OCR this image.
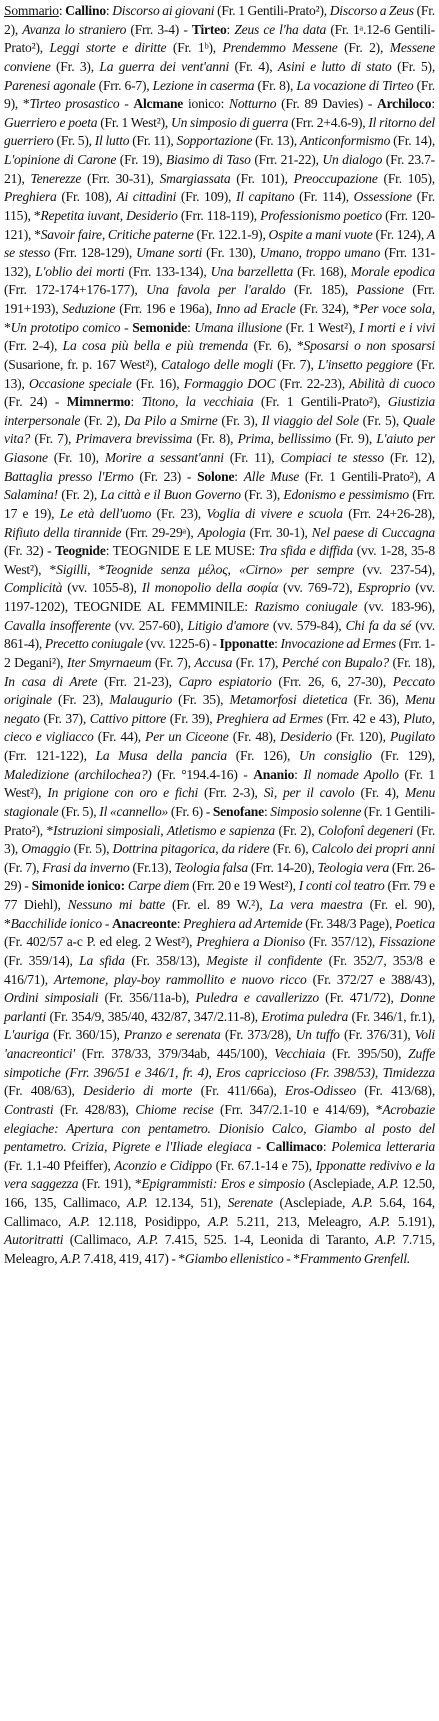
Sommario: Callino: Discorso ai giovani (Fr. 1 Gentili-Prato²), Discorso a Zeus (Fr. 2), Avanza lo straniero (Frr. 3-4) - Tirteo: Zeus ce l'ha data (Fr. 1ᵃ.12-6 Gentili-Prato²), Leggi storte e diritte (Fr. 1ᵇ), Prendemmo Messene (Fr. 2), Messene conviene (Fr. 3), La guerra dei vent'anni (Fr. 4), Asini e lutto di stato (Fr. 5), Parenesi agonale (Frr. 6-7), Lezione in caserma (Fr. 8), La vocazione di Tirteo (Fr. 9), *Tirteo prosastico - Alcmane ionico: Notturno (Fr. 89 Davies) - Archiloco: Guerriero e poeta (Fr. 1 West²), Un simposio di guerra (Frr. 2+4.6-9), Il ritorno del guerriero (Fr. 5), Il lutto (Fr. 11), Sopportazione (Fr. 13), Anticonformismo (Fr. 14), L'opinione di Carone (Fr. 19), Biasimo di Taso (Frr. 21-22), Un dialogo (Fr. 23.7-21), Tenerezze (Frr. 30-31), Smargiassata (Fr. 101), Preoccupazione (Fr. 105), Preghiera (Fr. 108), Ai cittadini (Fr. 109), Il capitano (Fr. 114), Ossessione (Fr. 115), *Repetita iuvant, Desiderio (Frr. 118-119), Professionismo poetico (Frr. 120-121), *Savoir faire, Critiche paterne (Fr. 122.1-9), Ospite a mani vuote (Fr. 124), A se stesso (Frr. 128-129), Umane sorti (Fr. 130), Umano, troppo umano (Frr. 131-132), L'oblio dei morti (Frr. 133-134), Una barzelletta (Fr. 168), Morale epodica (Frr. 172-174+176-177), Una favola per l'araldo (Fr. 185), Passione (Frr. 191+193), Seduzione (Frr. 196 e 196a), Inno ad Eracle (Fr. 324), *Per voce sola, *Un prototipo comico - Semonide: Umana illusione (Fr. 1 West²), I morti e i vivi (Frr. 2-4), La cosa più bella e più tremenda (Fr. 6), *Sposarsi o non sposarsi (Susarione, fr. p. 167 West²), Catalogo delle mogli (Fr. 7), L'insetto peggiore (Fr. 13), Occasione speciale (Fr. 16), Formaggio DOC (Frr. 22-23), Abilità di cuoco (Fr. 24) - Mimnermo: Titono, la vecchiaia (Fr. 1 Gentili-Prato²), Giustizia interpersonale (Fr. 2), Da Pilo a Smirne (Fr. 3), Il viaggio del Sole (Fr. 5), Quale vita? (Fr. 7), Primavera brevissima (Fr. 8), Prima, bellissimo (Fr. 9), L'aiuto per Giasone (Fr. 10), Morire a sessant'anni (Fr. 11), Compiaci te stesso (Fr. 12), Battaglia presso l'Ermo (Fr. 23) - Solone: Alle Muse (Fr. 1 Gentili-Prato²), A Salamina! (Fr. 2), La città e il Buon Governo (Fr. 3), Edonismo e pessimismo (Frr. 17 e 19), Le età dell'uomo (Fr. 23), Voglia di vivere e scuola (Frr. 24+26-28), Rifiuto della tirannide (Frr. 29-29ᵃ), Apologia (Frr. 30-1), Nel paese di Cuccagna (Fr. 32) - Teognide: TEOGNIDE E LE MUSE: Tra sfida e diffida (vv. 1-28, 35-8 West²), *Sigilli, *Teognide senza μέλος, «Cirno» per sempre (vv. 237-54), Complicità (vv. 1055-8), Il monopolio della σοφία (vv. 769-72), Esproprio (vv. 1197-1202), TEOGNIDE AL FEMMINILE: Razismo coniugale (vv. 183-96), Cavalla insofferente (vv. 257-60), Litigio d'amore (vv. 579-84), Chi fa da sé (vv. 861-4), Precetto coniugale (vv. 1225-6) - Ipponatte: Invocazione ad Ermes (Frr. 1-2 Degani²), Iter Smyrnaeum (Fr. 7), Accusa (Fr. 17), Perché con Bupalo? (Fr. 18), In casa di Arete (Frr. 21-23), Capro espiatorio (Frr. 26, 6, 27-30), Peccato originale (Fr. 23), Malaugurio (Fr. 35), Metamorfosi dietetica (Fr. 36), Menu negato (Fr. 37), Cattivo pittore (Fr. 39), Preghiera ad Ermes (Frr. 42 e 43), Pluto, cieco e vigliacco (Fr. 44), Per un Ciceone (Fr. 48), Desiderio (Fr. 120), Pugilato (Frr. 121-122), La Musa della pancia (Fr. 126), Un consiglio (Fr. 129), Maledizione (archilochea?) (Fr. °194.4-16) - Ananio: Il nomade Apollo (Fr. 1 West²), In prigione con oro e fichi (Frr. 2-3), Sì, per il cavolo (Fr. 4), Menu stagionale (Fr. 5), Il «cannello» (Fr. 6) - Senofane: Simposio solenne (Fr. 1 Gentili-Prato²), *Istruzioni simposiali, Atletismo e sapienza (Fr. 2), Colofonî degeneri (Fr. 3), Omaggio (Fr. 5), Dottrina pitagorica, da ridere (Fr. 6), Calcolo dei propri anni (Fr. 7), Frasi da inverno (Fr.13), Teologia falsa (Frr. 14-20), Teologia vera (Frr. 26-29) - Simonide ionico: Carpe diem (Frr. 20 e 19 West²), I conti col teatro (Frr. 79 e 77 Diehl), Nessuno mi batte (Fr. el. 89 W.²), La vera maestra (Fr. el. 90), *Bacchilide ionico - Anacreonte: Preghiera ad Artemide (Fr. 348/3 Page), Poetica (Fr. 402/57 a-c P. ed eleg. 2 West²), Preghiera a Dioniso (Fr. 357/12), Fissazione (Fr. 359/14), La sfida (Fr. 358/13), Megiste il confidente (Fr. 352/7, 353/8 e 416/71), Artemone, play-boy rammollito e nuovo ricco (Fr. 372/27 e 388/43), Ordini simposiali (Fr. 356/11a-b), Puledra e cavallerizzo (Fr. 471/72), Donne parlanti (Fr. 354/9, 385/40, 432/87, 347/2.11-8), Erotima puledra (Fr. 346/1, fr.1), L'auriga (Fr. 360/15), Pranzo e serenata (Fr. 373/28), Un tuffo (Fr. 376/31), Voli 'anacreontici' (Frr. 378/33, 379/34ab, 445/100), Vecchiaia (Fr. 395/50), Zuffe simpotiche (Frr. 396/51 e 346/1, fr. 4), Eros capriccioso (Fr. 398/53), Timidezza (Fr. 408/63), Desiderio di morte (Fr. 411/66a), Eros-Odisseo (Fr. 413/68), Contrasti (Fr. 428/83), Chiome recise (Frr. 347/2.1-10 e 414/69), *Acrobazie elegiache: Apertura con pentametro. Dionisio Calco, Giambo al posto del pentametro. Crizia, Pigrete e l'Iliade elegiaca - Callimaco: Polemica letteraria (Fr. 1.1-40 Pfeiffer), Aconzio e Cidippo (Fr. 67.1-14 e 75), Ipponatte redivivo e la vera saggezza (Fr. 191), *Epigrammisti: Eros e simposio (Asclepiade, A.P. 12.50, 166, 135, Callimaco, A.P. 12.134, 51), Serenate (Asclepiade, A.P. 5.64, 164, Callimaco, A.P. 12.118, Posidippo, A.P. 5.211, 213, Meleagro, A.P. 5.191), Autoritratti (Callimaco, A.P. 7.415, 525. 1-4, Leonida di Taranto, A.P. 7.715, Meleagro, A.P. 7.418, 419, 417) - *Giambo ellenistico - *Frammento Grenfell.
